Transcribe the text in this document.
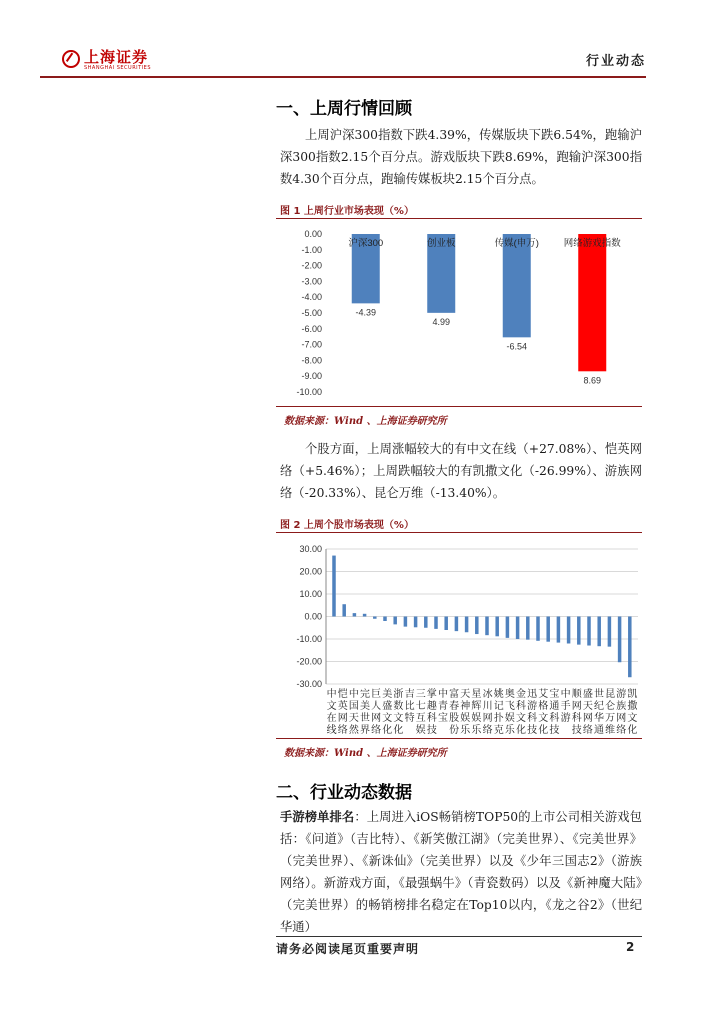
上海证券
SHANGHAI SECURITIES	行业动态
一、上周行情回顾
上周沪深300指数下跌4.39%，传媒版块下跌6.54%，跑输沪深300指数2.15个百分点。游戏版块下跌8.69%，跑输沪深300指数4.30个百分点，跑输传媒板块2.15个百分点。
图 1 上周行业市场表现（%）
0.00
-1.00
-2.00
-3.00
-4.00
-5.00
-6.00
-7.00
-8.00
-9.00
-10.00
沪深300
-4.39
创业板
4.99
传媒(申万)
-6.54
网络游戏指数
8.69
数据来源：Wind 、上海证券研究所
个股方面，上周涨幅较大的有中文在线（+27.08%）、恺英网络（+5.46%）；上周跌幅较大的有凯撒文化（-26.99%）、游族网络（-20.33%）、昆仑万维（-13.40%）。
图 2 上周个股市场表现（%）
30.00
20.00
10.00
0.00
-10.00
-20.00
-30.00
中 恺 中 完 巨 美 浙 吉 三 掌 中 富 天 星 冰 姚 奥 金 迅 艾 宝 中 顺 盛 世 昆 游 凯
文 英 国 美 人 盛 数 比 七 趣 青 春 神 辉 川 记 飞 科 游 格 通 手 网 天 纪 仑 族 撒
在 网 天 世 网 文 文 特 互 科 宝 股 娱 娱 网 扑 娱 文 科 文 科 游 科 网 华 万 网 文
线 络 然 界 络 化 化 娱 技 份 乐 乐 络 克 乐 化 技 化 技 技 络 通 维 络 化
数据来源：Wind 、上海证券研究所
二、行业动态数据
手游榜单排名：上周进入iOS畅销榜TOP50的上市公司相关游戏包括：《问道》（吉比特）、《新笑傲江湖》（完美世界）、《完美世界》（完美世界）、《新诛仙》（完美世界）以及《少年三国志2》（游族网络）。新游戏方面，《最强蜗牛》（青瓷数码）以及《新神魔大陆》（完美世界）的畅销榜排名稳定在Top10以内，《龙之谷2》（世纪华通）
请务必阅读尾页重要声明	2
